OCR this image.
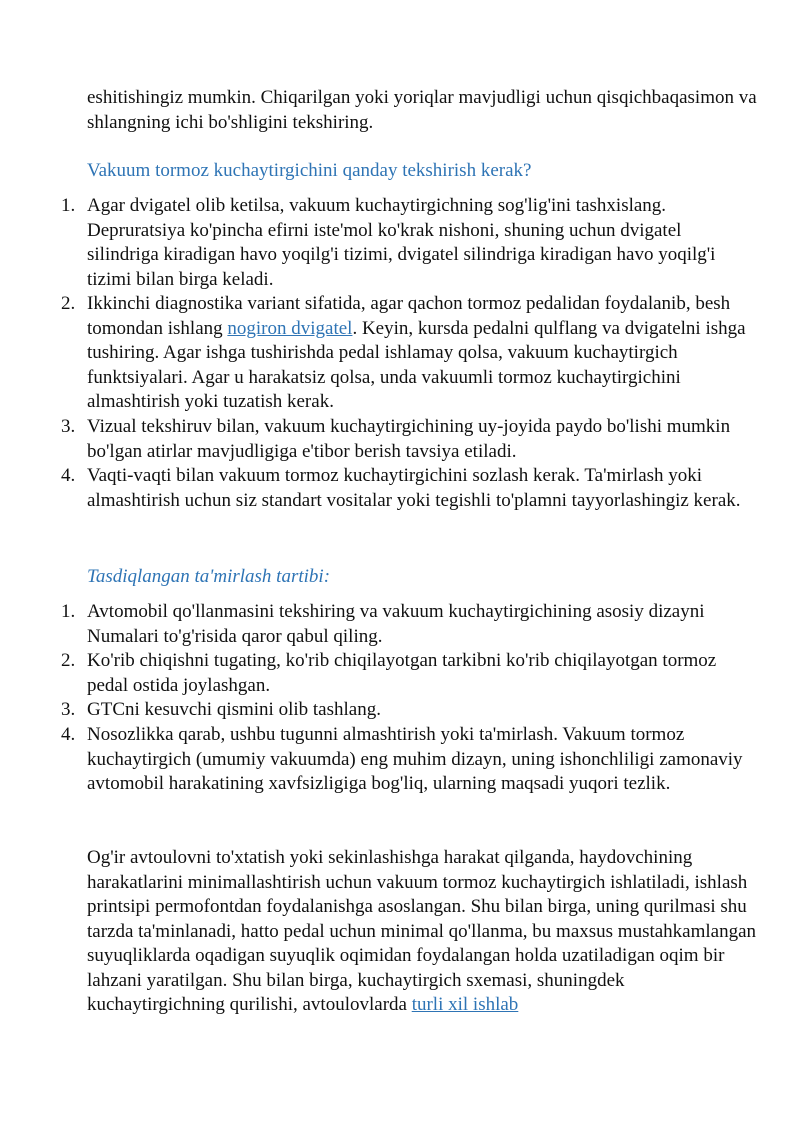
eshitishingiz mumkin. Chiqarilgan yoki yoriqlar mavjudligi uchun qisqichbaqasimon va shlangning ichi bo'shligini tekshiring.

Vakuum tormoz kuchaytirgichini qanday tekshirish kerak?

1. Agar dvigatel olib ketilsa, vakuum kuchaytirgichning sog'lig'ini tashxislang. Depruratsiya ko'pincha efirni iste'mol ko'krak nishoni, shuning uchun dvigatel silindriga kiradigan havo yoqilg'i tizimi, dvigatel silindriga kiradigan havo yoqilg'i tizimi bilan birga keladi.

2. Ikkinchi diagnostika variant sifatida, agar qachon tormoz pedalidan foydalanib, besh tomondan ishlang nogiron dvigatel. Keyin, kursda pedalni qulflang va dvigatelni ishga tushiring. Agar ishga tushirishda pedal ishlamay qolsa, vakuum kuchaytirgich funktsiyalari. Agar u harakatsiz qolsa, unda vakuumli tormoz kuchaytirgichini almashtirish yoki tuzatish kerak.

3. Vizual tekshiruv bilan, vakuum kuchaytirgichining uy-joyida paydo bo'lishi mumkin bo'lgan atirlar mavjudligiga e'tibor berish tavsiya etiladi.

4. Vaqti-vaqti bilan vakuum tormoz kuchaytirgichini sozlash kerak. Ta'mirlash yoki almashtirish uchun siz standart vositalar yoki tegishli to'plamni tayyorlashingiz kerak.

Tasdiqlangan ta'mirlash tartibi:

1. Avtomobil qo'llanmasini tekshiring va vakuum kuchaytirgichining asosiy dizayni Numalari to'g'risida qaror qabul qiling.

2. Ko'rib chiqishni tugating, ko'rib chiqilayotgan tarkibni ko'rib chiqilayotgan tormoz pedal ostida joylashgan.

3. GTCni kesuvchi qismini olib tashlang.

4. Nosozlikka qarab, ushbu tugunni almashtirish yoki ta'mirlash. Vakuum tormoz kuchaytirgich (umumiy vakuumda) eng muhim dizayn, uning ishonchliligi zamonaviy avtomobil harakatining xavfsizligiga bog'liq, ularning maqsadi yuqori tezlik.

Og'ir avtoulovni to'xtatish yoki sekinlashishga harakat qilganda, haydovchining harakatlarini minimallashtirish uchun vakuum tormoz kuchaytirgich ishlatiladi, ishlash printsipi permofontdan foydalanishga asoslangan. Shu bilan birga, uning qurilmasi shu tarzda ta'minlanadi, hatto pedal uchun minimal qo'llanma, bu maxsus mustahkamlangan suyuqliklarda oqadigan suyuqlik oqimidan foydalangan holda uzatiladigan oqim bir lahzani yaratilgan. Shu bilan birga, kuchaytirgich sxemasi, shuningdek kuchaytirgichning qurilishi, avtoulovlarda turli xil ishlab
